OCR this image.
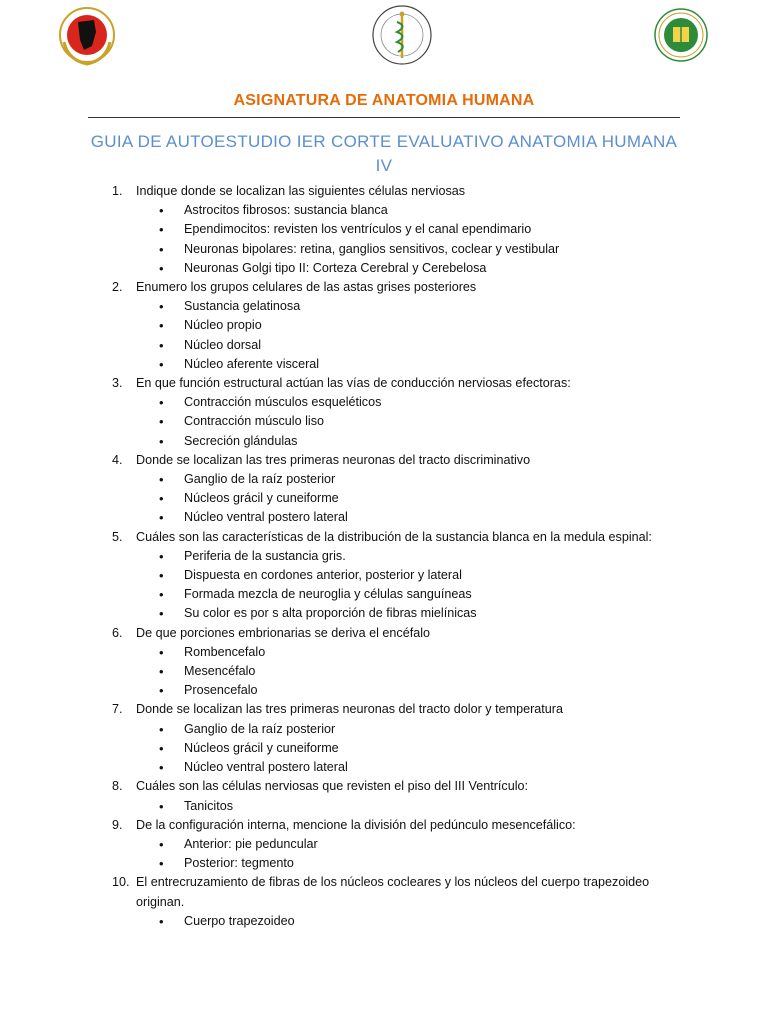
ASIGNATURA DE ANATOMIA HUMANA
GUIA DE AUTOESTUDIO IER CORTE EVALUATIVO ANATOMIA HUMANA IV
1.	Indique donde se localizan las siguientes células nerviosas
• Astrocitos fibrosos: sustancia blanca
• Ependimocitos: revisten los ventrículos y el canal ependimario
• Neuronas bipolares: retina, ganglios sensitivos, coclear y vestibular
• Neuronas Golgi tipo II: Corteza Cerebral y Cerebelosa
2.	Enumero los grupos celulares de las astas grises posteriores
• Sustancia gelatinosa
• Núcleo propio
• Núcleo dorsal
• Núcleo aferente visceral
3.	En que función estructural actúan las vías de conducción nerviosas efectoras:
• Contracción músculos esqueléticos
• Contracción músculo liso
• Secreción glándulas
4.	Donde se localizan las tres primeras neuronas del tracto discriminativo
• Ganglio de la raíz posterior
• Núcleos grácil y cuneiforme
• Núcleo ventral postero lateral
5.	Cuáles son las características de la distribución de la sustancia blanca en la medula espinal:
• Periferia de la sustancia gris.
• Dispuesta en cordones anterior, posterior y lateral
• Formada mezcla de neuroglia y células sanguíneas
• Su color es por s alta proporción de fibras mielínicas
6.	De que porciones embrionarias se deriva el encéfalo
• Rombencefalo
• Mesencéfalo
• Prosencefalo
7.	Donde se localizan las tres primeras neuronas del tracto dolor y temperatura
• Ganglio de la raíz posterior
• Núcleos grácil y cuneiforme
• Núcleo ventral postero lateral
8.	Cuáles son las células nerviosas que revisten el piso del III Ventrículo:
• Tanicitos
9.	De la configuración interna, mencione la división del pedúnculo mesencefálico:
• Anterior: pie peduncular
• Posterior: tegmento
10. El entrecruzamiento de fibras de los núcleos cocleares y los núcleos del cuerpo trapezoideo originan.
• Cuerpo trapezoideo
